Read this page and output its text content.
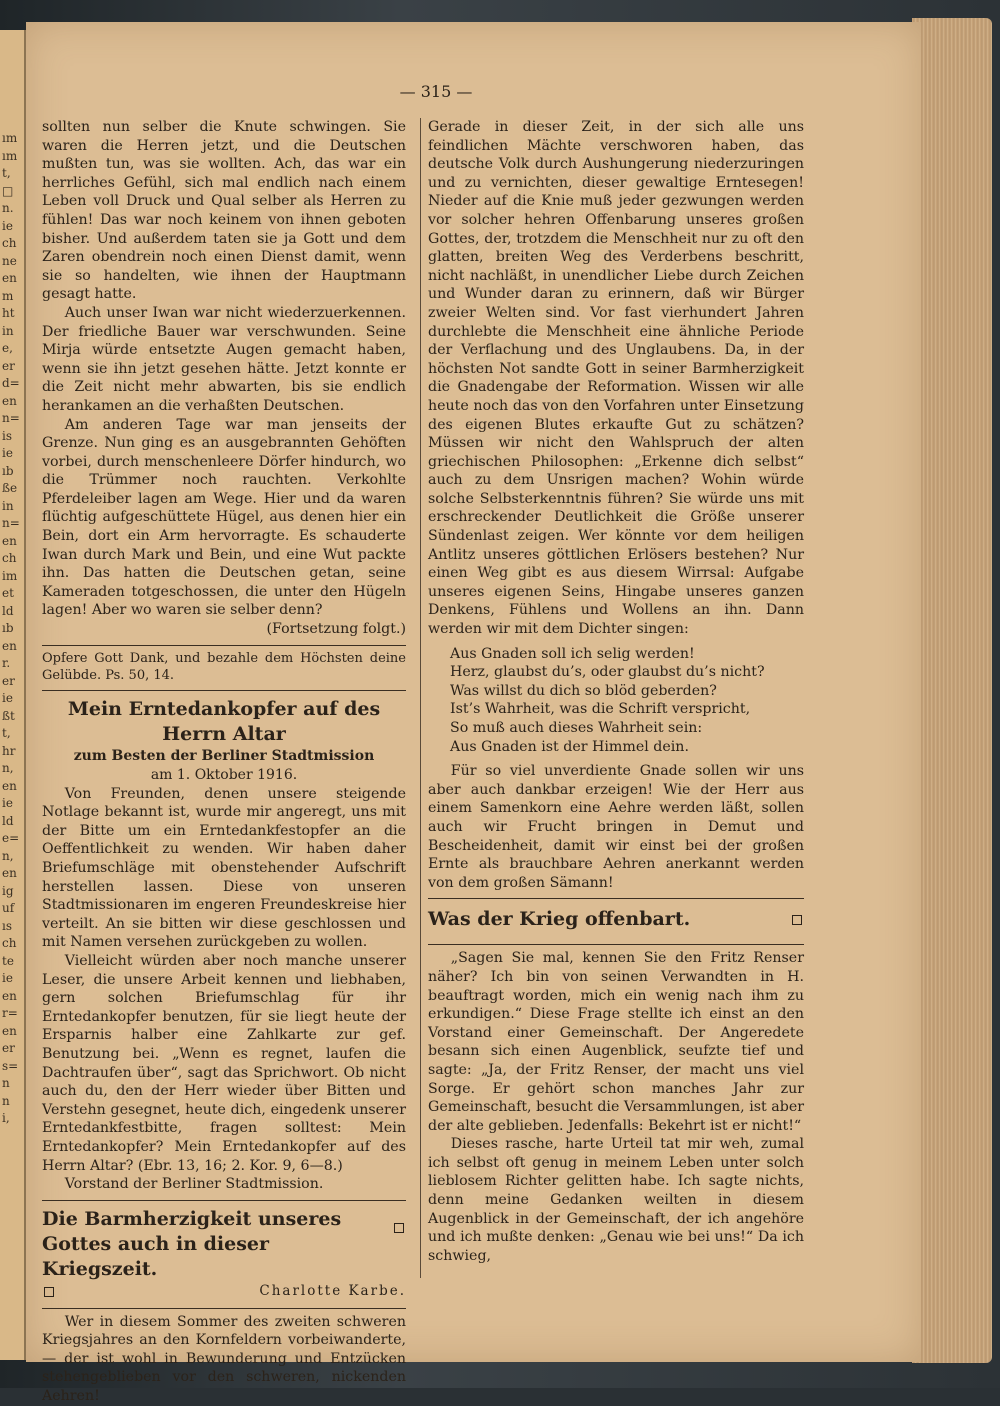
ım
ım
t,
□
n.
ie
ch
ne
en
m
ht
in
e,
er
d=
en
n=
is
ie
ıb
ße
in
n=
en
ch
im
et
ld
ıb
en
r.
er
ie
ßt
t,
hr
n,
en
ie
ld
e=
n,
en
ig
uf
ıs
ch
te
ie
en
r=
en
er
s=
n
n
i,
— 315 —

sollten nun selber die Knute schwingen. Sie waren die Herren jetzt, und die Deutschen mußten tun, was sie wollten. Ach, das war ein herrliches Gefühl, sich mal endlich nach einem Leben voll Druck und Qual selber als Herren zu fühlen! Das war noch keinem von ihnen geboten bisher. Und außerdem taten sie ja Gott und dem Zaren obendrein noch einen Dienst damit, wenn sie so handelten, wie ihnen der Hauptmann gesagt hatte.

Auch unser Iwan war nicht wiederzuerkennen. Der friedliche Bauer war verschwunden. Seine Mirja würde entsetzte Augen gemacht haben, wenn sie ihn jetzt gesehen hätte. Jetzt konnte er die Zeit nicht mehr abwarten, bis sie endlich herankamen an die verhaßten Deutschen.

Am anderen Tage war man jenseits der Grenze. Nun ging es an ausgebrannten Gehöften vorbei, durch menschenleere Dörfer hindurch, wo die Trümmer noch rauchten. Verkohlte Pferdeleiber lagen am Wege. Hier und da waren flüchtig aufgeschüttete Hügel, aus denen hier ein Bein, dort ein Arm hervorragte. Es schauderte Iwan durch Mark und Bein, und eine Wut packte ihn. Das hatten die Deutschen getan, seine Kameraden totgeschossen, die unter den Hügeln lagen! Aber wo waren sie selber denn?

(Fortsetzung folgt.)

Opfere Gott Dank, und bezahle dem Höchsten deine Gelübde. Ps. 50, 14.

Mein Erntedankopfer auf des Herrn Altar
zum Besten der Berliner Stadtmission
am 1. Oktober 1916.

Von Freunden, denen unsere steigende Notlage bekannt ist, wurde mir angeregt, uns mit der Bitte um ein Erntedankfestopfer an die Oeffentlichkeit zu wenden. Wir haben daher Briefumschläge mit obenstehender Aufschrift herstellen lassen. Diese von unseren Stadtmissionaren im engeren Freundeskreise hier verteilt. An sie bitten wir diese geschlossen und mit Namen versehen zurückgeben zu wollen.

Vielleicht würden aber noch manche unserer Leser, die unsere Arbeit kennen und liebhaben, gern solchen Briefumschlag für ihr Erntedankopfer benutzen, für sie liegt heute der Ersparnis halber eine Zahlkarte zur gef. Benutzung bei. „Wenn es regnet, laufen die Dachtraufen über“, sagt das Sprichwort. Ob nicht auch du, den der Herr wieder über Bitten und Verstehn gesegnet, heute dich, eingedenk unserer Erntedankfestbitte, fragen solltest: Mein Erntedankopfer? Mein Erntedankopfer auf des Herrn Altar? (Ebr. 13, 16; 2. Kor. 9, 6—8.)

Vorstand der Berliner Stadtmission.

Die Barmherzigkeit unseres Gottes auch in dieser Kriegszeit.
Charlotte Karbe.

Wer in diesem Sommer des zweiten schweren Kriegsjahres an den Kornfeldern vorbeiwanderte, — der ist wohl in Bewunderung und Entzücken stehengeblieben vor den schweren, nickenden Aehren!

Gerade in dieser Zeit, in der sich alle uns feindlichen Mächte verschworen haben, das deutsche Volk durch Aushungerung niederzuringen und zu vernichten, dieser gewaltige Erntesegen! Nieder auf die Knie muß jeder gezwungen werden vor solcher hehren Offenbarung unseres großen Gottes, der, trotzdem die Menschheit nur zu oft den glatten, breiten Weg des Verderbens beschritt, nicht nachläßt, in unendlicher Liebe durch Zeichen und Wunder daran zu erinnern, daß wir Bürger zweier Welten sind. Vor fast vierhundert Jahren durchlebte die Menschheit eine ähnliche Periode der Verflachung und des Unglaubens. Da, in der höchsten Not sandte Gott in seiner Barmherzigkeit die Gnadengabe der Reformation. Wissen wir alle heute noch das von den Vorfahren unter Einsetzung des eigenen Blutes erkaufte Gut zu schätzen? Müssen wir nicht den Wahlspruch der alten griechischen Philosophen: „Erkenne dich selbst“ auch zu dem Unsrigen machen? Wohin würde solche Selbsterkenntnis führen? Sie würde uns mit erschreckender Deutlichkeit die Größe unserer Sündenlast zeigen. Wer könnte vor dem heiligen Antlitz unseres göttlichen Erlösers bestehen? Nur einen Weg gibt es aus diesem Wirrsal: Aufgabe unseres eigenen Seins, Hingabe unseres ganzen Denkens, Fühlens und Wollens an ihn. Dann werden wir mit dem Dichter singen:

Aus Gnaden soll ich selig werden!

Herz, glaubst du’s, oder glaubst du’s nicht?

Was willst du dich so blöd geberden?

Ist’s Wahrheit, was die Schrift verspricht,

So muß auch dieses Wahrheit sein:

Aus Gnaden ist der Himmel dein.

Für so viel unverdiente Gnade sollen wir uns aber auch dankbar erzeigen! Wie der Herr aus einem Samenkorn eine Aehre werden läßt, sollen auch wir Frucht bringen in Demut und Bescheidenheit, damit wir einst bei der großen Ernte als brauchbare Aehren anerkannt werden von dem großen Sämann!

Was der Krieg offenbart.

„Sagen Sie mal, kennen Sie den Fritz Renser näher? Ich bin von seinen Verwandten in H. beauftragt worden, mich ein wenig nach ihm zu erkundigen.“ Diese Frage stellte ich einst an den Vorstand einer Gemeinschaft. Der Angeredete besann sich einen Augenblick, seufzte tief und sagte: „Ja, der Fritz Renser, der macht uns viel Sorge. Er gehört schon manches Jahr zur Gemeinschaft, besucht die Versammlungen, ist aber der alte geblieben. Jedenfalls: Bekehrt ist er nicht!“

Dieses rasche, harte Urteil tat mir weh, zumal ich selbst oft genug in meinem Leben unter solch lieblosem Richter gelitten habe. Ich sagte nichts, denn meine Gedanken weilten in diesem Augenblick in der Gemeinschaft, der ich angehöre und ich mußte denken: „Genau wie bei uns!“ Da ich schwieg,
